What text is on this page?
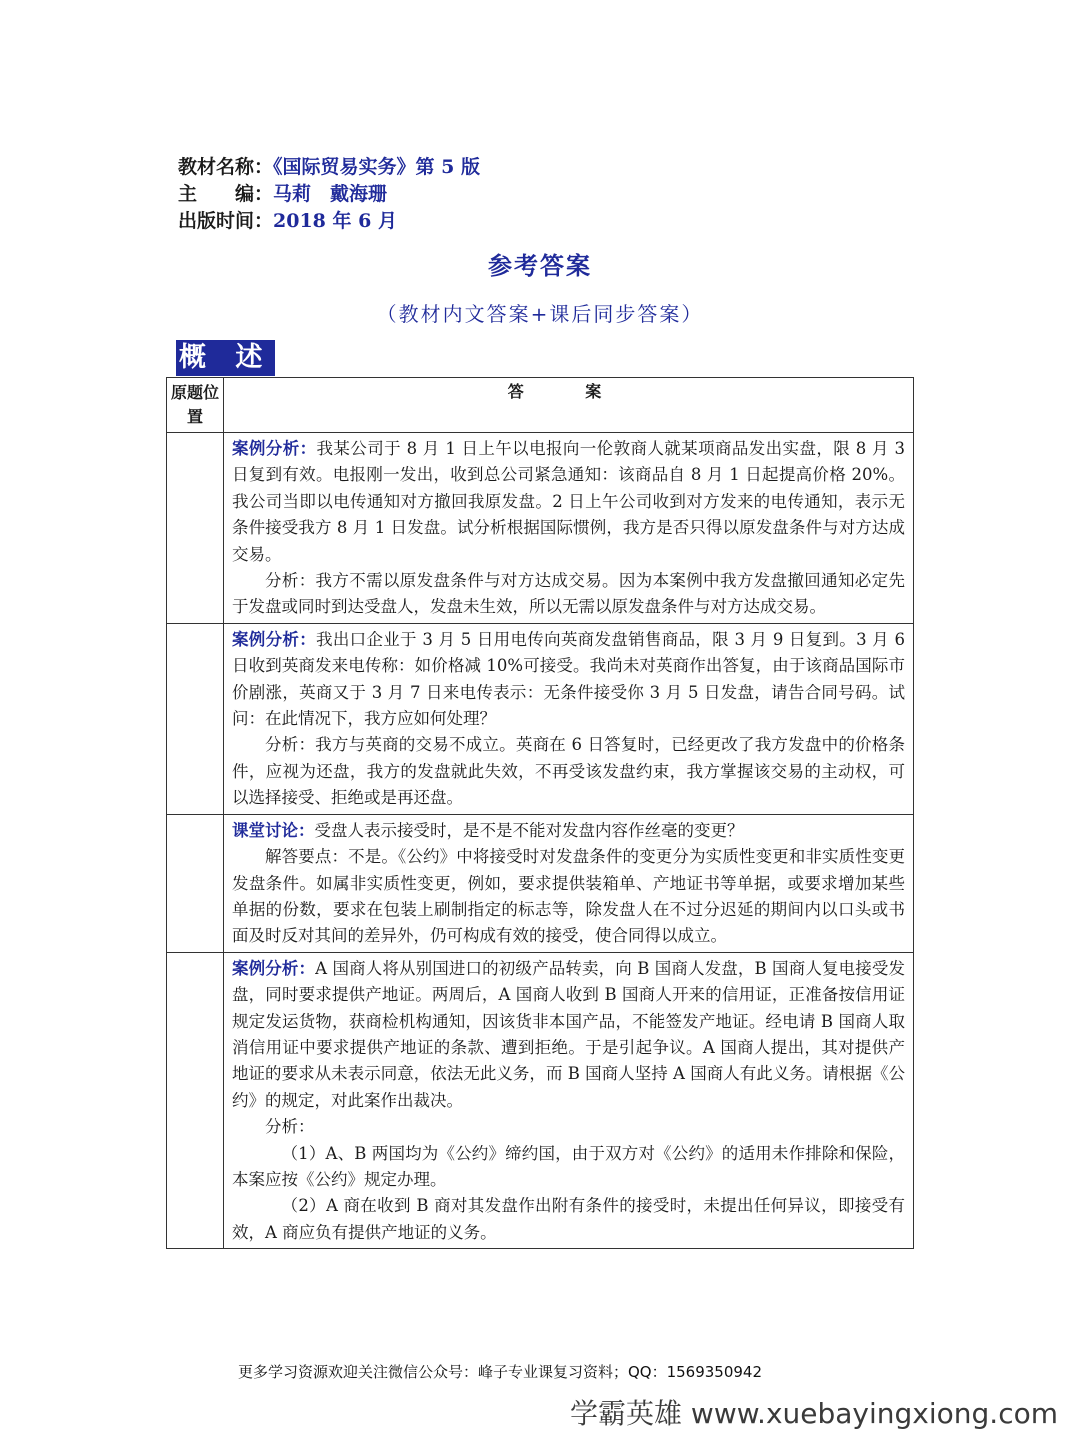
教材名称：《国际贸易实务》第 5 版
主　　编：马莉　戴海珊
出版时间：2018 年 6 月
参考答案
（教材内文答案+课后同步答案）
概 述
原题位置	答 案

	案例分析：我某公司于 8 月 1 日上午以电报向一伦敦商人就某项商品发出实盘，限 8 月 3 日复到有效。电报刚一发出，收到总公司紧急通知：该商品自 8 月 1 日起提高价格 20%。我公司当即以电传通知对方撤回我原发盘。2 日上午公司收到对方发来的电传通知，表示无条件接受我方 8 月 1 日发盘。试分析根据国际惯例，我方是否只得以原发盘条件与对方达成交易。

分析：我方不需以原发盘条件与对方达成交易。因为本案例中我方发盘撤回通知必定先于发盘或同时到达受盘人，发盘未生效，所以无需以原发盘条件与对方达成交易。

	案例分析：我出口企业于 3 月 5 日用电传向英商发盘销售商品，限 3 月 9 日复到。3 月 6 日收到英商发来电传称：如价格减 10%可接受。我尚未对英商作出答复，由于该商品国际市价剧涨，英商又于 3 月 7 日来电传表示：无条件接受你 3 月 5 日发盘，请告合同号码。试问：在此情况下，我方应如何处理？

分析：我方与英商的交易不成立。英商在 6 日答复时，已经更改了我方发盘中的价格条件，应视为还盘，我方的发盘就此失效，不再受该发盘约束，我方掌握该交易的主动权，可以选择接受、拒绝或是再还盘。

	课堂讨论：受盘人表示接受时，是不是不能对发盘内容作丝毫的变更？

解答要点：不是。《公约》中将接受时对发盘条件的变更分为实质性变更和非实质性变更发盘条件。如属非实质性变更，例如，要求提供装箱单、产地证书等单据，或要求增加某些单据的份数，要求在包装上刷制指定的标志等，除发盘人在不过分迟延的期间内以口头或书面及时反对其间的差异外，仍可构成有效的接受，使合同得以成立。

	案例分析：A 国商人将从别国进口的初级产品转卖，向 B 国商人发盘，B 国商人复电接受发盘，同时要求提供产地证。两周后，A 国商人收到 B 国商人开来的信用证，正准备按信用证规定发运货物，获商检机构通知，因该货非本国产品，不能签发产地证。经电请 B 国商人取消信用证中要求提供产地证的条款、遭到拒绝。于是引起争议。A 国商人提出，其对提供产地证的要求从未表示同意，依法无此义务，而 B 国商人坚持 A 国商人有此义务。请根据《公约》的规定，对此案作出裁决。

分析：

（1）A、B 两国均为《公约》缔约国，由于双方对《公约》的适用未作排除和保险，本案应按《公约》规定办理。

（2）A 商在收到 B 商对其发盘作出附有条件的接受时，未提出任何异议，即接受有效，A 商应负有提供产地证的义务。

更多学习资源欢迎关注微信公众号：峰子专业课复习资料；QQ：1569350942
学霸英雄 www.xuebayingxiong.com
